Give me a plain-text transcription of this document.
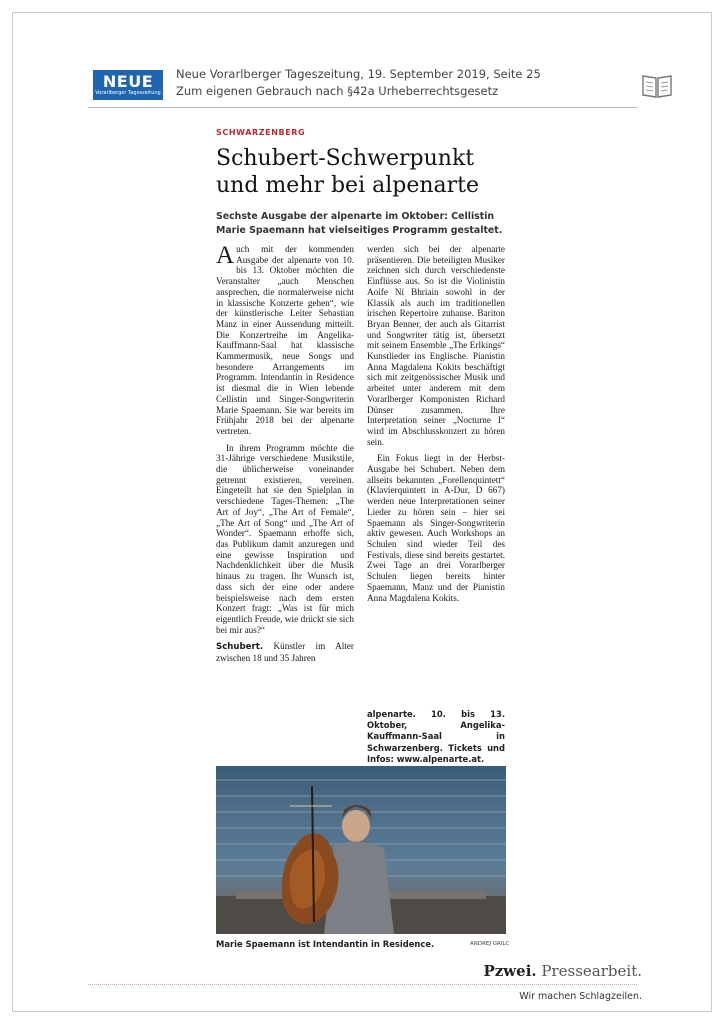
NEUE
Vorarlberger Tageszeitung
Neue Vorarlberger Tageszeitung, 19. September 2019, Seite 25
Zum eigenen Gebrauch nach §42a Urheberrechtsgesetz
SCHWARZENBERG
Schubert-Schwerpunkt
und mehr bei alpenarte
Sechste Ausgabe der alpenarte im Oktober: Cellistin Marie Spaemann hat vielseitiges Programm gestaltet.

Auch mit der kommenden Ausgabe der alpenarte von 10. bis 13. Oktober möchten die Veranstalter „auch Menschen ansprechen, die normalerweise nicht in klassische Konzerte gehen“, wie der künstlerische Leiter Sebastian Manz in einer Aussendung mitteilt. Die Konzertreihe im Angelika-Kauffmann-Saal hat klassische Kammermusik, neue Songs und besondere Arrangements im Programm. Intendantin in Residence ist diesmal die in Wien lebende Cellistin und Singer-Songwriterin Marie Spaemann. Sie war bereits im Frühjahr 2018 bei der alpenarte vertreten.

In ihrem Programm möchte die 31-Jährige verschiedene Musikstile, die üblicherweise voneinander getrennt existieren, vereinen. Eingeteilt hat sie den Spielplan in verschiedene Tages-Themen: „The Art of Joy“, „The Art of Female“, „The Art of Song“ und „The Art of Wonder“. Spaemann erhoffe sich, das Publikum damit anzuregen und eine gewisse Inspiration und Nachdenklichkeit über die Musik hinaus zu tragen. Ihr Wunsch ist, dass sich der eine oder andere beispielsweise nach dem ersten Konzert fragt: „Was ist für mich eigentlich Freude, wie drückt sie sich bei mir aus?“

Schubert. Künstler im Alter zwischen 18 und 35 Jahren

werden sich bei der alpenarte präsentieren. Die beteiligten Musiker zeichnen sich durch verschiedenste Einflüsse aus. So ist die Violinistin Aoife Ní Bhriain sowohl in der Klassik als auch im traditionellen irischen Repertoire zuhause. Bariton Bryan Benner, der auch als Gitarrist und Songwriter tätig ist, übersetzt mit seinem Ensemble „The Erlkings“ Kunstlieder ins Englische. Pianistin Anna Magdalena Kokits beschäftigt sich mit zeitgenössischer Musik und arbeitet unter anderem mit dem Vorarlberger Komponisten Richard Dünser zusammen. Ihre Interpretation seiner „Nocturne I“ wird im Abschlusskonzert zu hören sein.

Ein Fokus liegt in der Herbst-Ausgabe bei Schubert. Neben dem allseits bekannten „Forellenquintett“ (Klavierquintett in A-Dur, D 667) werden neue Interpretationen seiner Lieder zu hören sein – hier sei Spaemann als Singer-Songwriterin aktiv gewesen. Auch Workshops an Schulen sind wieder Teil des Festivals, diese sind bereits gestartet. Zwei Tage an drei Vorarlberger Schulen liegen bereits hinter Spaemann, Manz und der Pianistin Anna Magdalena Kokits.

alpenarte. 10. bis 13. Oktober, Angelika-Kauffmann-Saal in Schwarzenberg. Tickets und Infos: www.alpenarte.at.
Marie Spaemann ist Intendantin in Residence.	ANDREJ GRILC
Pzwei. Pressearbeit.
Wir machen Schlagzeilen.
